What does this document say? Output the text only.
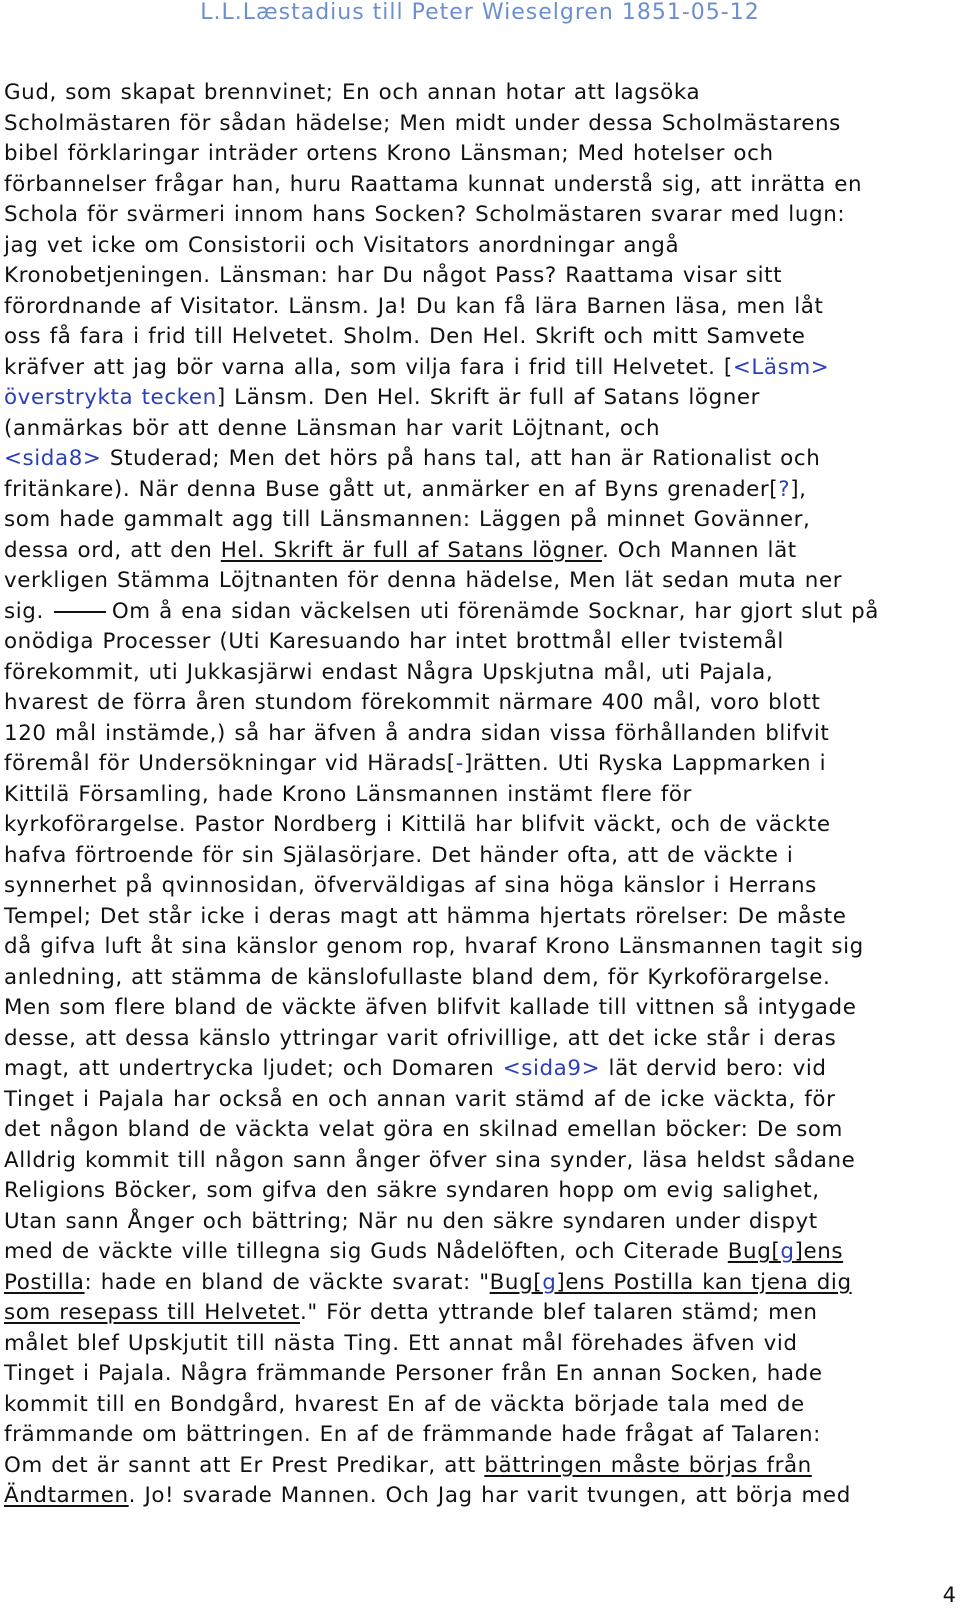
L.L.Læstadius till Peter Wieselgren 1851-05-12
Gud, som skapat brennvinet; En och annan hotar att lagsöka
Scholmästaren för sådan hädelse; Men midt under dessa Scholmästarens
bibel förklaringar inträder ortens Krono Länsman; Med hotelser och
förbannelser frågar han, huru Raattama kunnat understå sig, att inrätta en
Schola för svärmeri innom hans Socken? Scholmästaren svarar med lugn:
jag vet icke om Consistorii och Visitators anordningar angå
Kronobetjeningen. Länsman: har Du något Pass? Raattama visar sitt
förordnande af Visitator. Länsm. Ja! Du kan få lära Barnen läsa, men låt
oss få fara i frid till Helvetet. Sholm. Den Hel. Skrift och mitt Samvete
kräfver att jag bör varna alla, som vilja fara i frid till Helvetet. [<Läsm>
överstrykta tecken] Länsm. Den Hel. Skrift är full af Satans lögner
(anmärkas bör att denne Länsman har varit Löjtnant, och
<sida8> Studerad; Men det hörs på hans tal, att han är Rationalist och
fritänkare). När denna Buse gått ut, anmärker en af Byns grenader[?],
som hade gammalt agg till Länsmannen: Läggen på minnet Govänner,
dessa ord, att den Hel. Skrift är full af Satans lögner. Och Mannen lät
verkligen Stämma Löjtnanten för denna hädelse, Men lät sedan muta ner
sig.	Om å ena sidan väckelsen uti förenämde Socknar, har gjort slut på
onödiga Processer (Uti Karesuando har intet brottmål eller tvistemål
förekommit, uti Jukkasjärwi endast Några Upskjutna mål, uti Pajala,
hvarest de förra åren stundom förekommit närmare 400 mål, voro blott
120 mål instämde,) så har äfven å andra sidan vissa förhållanden blifvit
föremål för Undersökningar vid Härads[-]rätten. Uti Ryska Lappmarken i
Kittilä Församling, hade Krono Länsmannen instämt flere för
kyrkoförargelse. Pastor Nordberg i Kittilä har blifvit väckt, och de väckte
hafva förtroende för sin Själasörjare. Det händer ofta, att de väckte i
synnerhet på qvinnosidan, öfverväldigas af sina höga känslor i Herrans
Tempel; Det står icke i deras magt att hämma hjertats rörelser: De måste
då gifva luft åt sina känslor genom rop, hvaraf Krono Länsmannen tagit sig
anledning, att stämma de känslofullaste bland dem, för Kyrkoförargelse.
Men som flere bland de väckte äfven blifvit kallade till vittnen så intygade
desse, att dessa känslo yttringar varit ofrivillige, att det icke står i deras
magt, att undertrycka ljudet; och Domaren <sida9> lät dervid bero: vid
Tinget i Pajala har också en och annan varit stämd af de icke väckta, för
det någon bland de väckta velat göra en skilnad emellan böcker: De som
Alldrig kommit till någon sann ånger öfver sina synder, läsa heldst sådane
Religions Böcker, som gifva den säkre syndaren hopp om evig salighet,
Utan sann Ånger och bättring; När nu den säkre syndaren under dispyt
med de väckte ville tillegna sig Guds Nådelöften, och Citerade Bug[g]ens
Postilla: hade en bland de väckte svarat: "Bug[g]ens Postilla kan tjena dig
som resepass till Helvetet." För detta yttrande blef talaren stämd; men
målet blef Upskjutit till nästa Ting. Ett annat mål förehades äfven vid
Tinget i Pajala. Några främmande Personer från En annan Socken, hade
kommit till en Bondgård, hvarest En af de väckta började tala med de
främmande om bättringen. En af de främmande hade frågat af Talaren:
Om det är sannt att Er Prest Predikar, att bättringen måste börjas från
Ändtarmen. Jo! svarade Mannen. Och Jag har varit tvungen, att börja med
4
